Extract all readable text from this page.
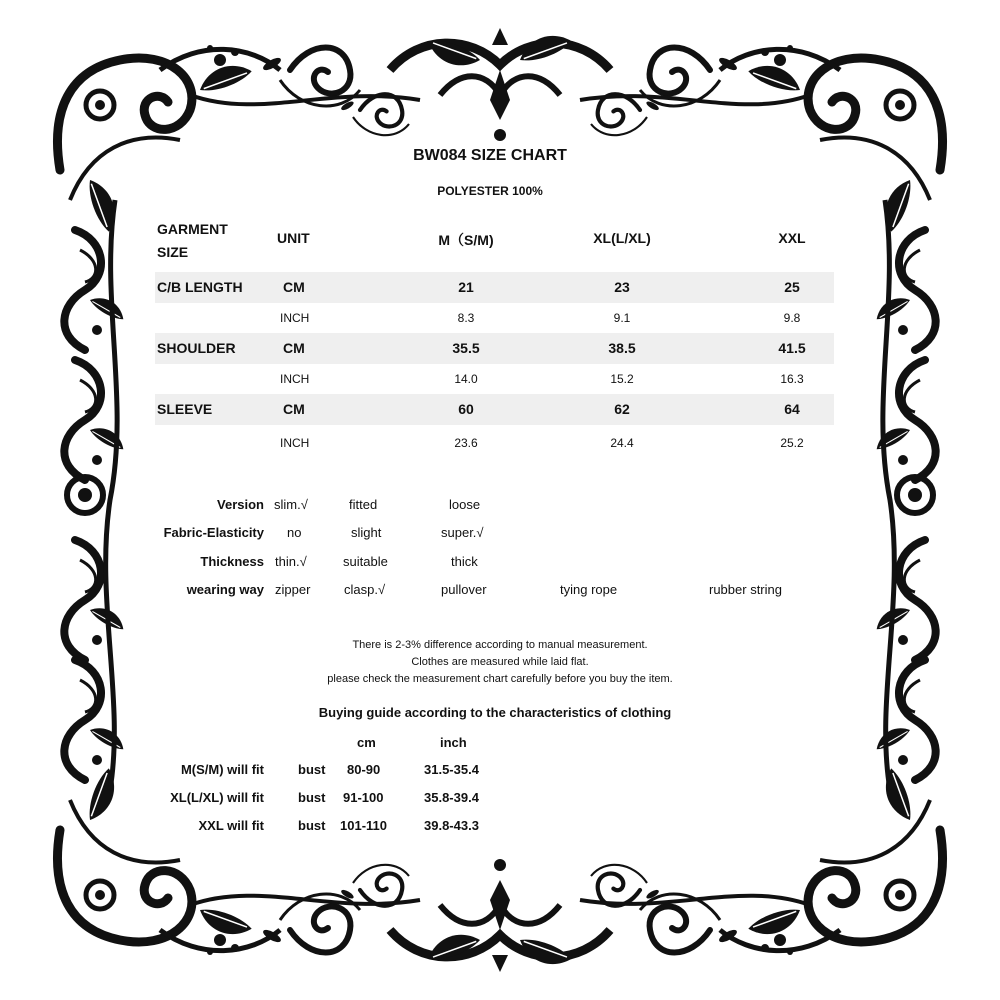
BW084 SIZE CHART
POLYESTER 100%
GARMENT
SIZE
UNIT	M（S/M)	XL(L/XL)	XXL
C/B LENGTH	CM	21	23	25
INCH	8.3	9.1	9.8
SHOULDER	CM	35.5	38.5	41.5
INCH	14.0	15.2	16.3
SLEEVE	CM	60	62	64
INCH	23.6	24.4	25.2
Version slim.√	fitted	loose
Fabric-Elasticity no	slight	super.√
Thickness thin.√	suitable	thick
wearing way zipper	clasp.√	pullover	tying rope	rubber string
There is 2-3% difference according to manual measurement.
Clothes are measured while laid flat.
please check the measurement chart carefully before you buy the item.
Buying guide according to the characteristics of clothing
cm	inch
M(S/M) will fit	bust 80-90	31.5-35.4
XL(L/XL) will fit	bust 91-100	35.8-39.4
XXL will fit	bust 101-110	39.8-43.3
